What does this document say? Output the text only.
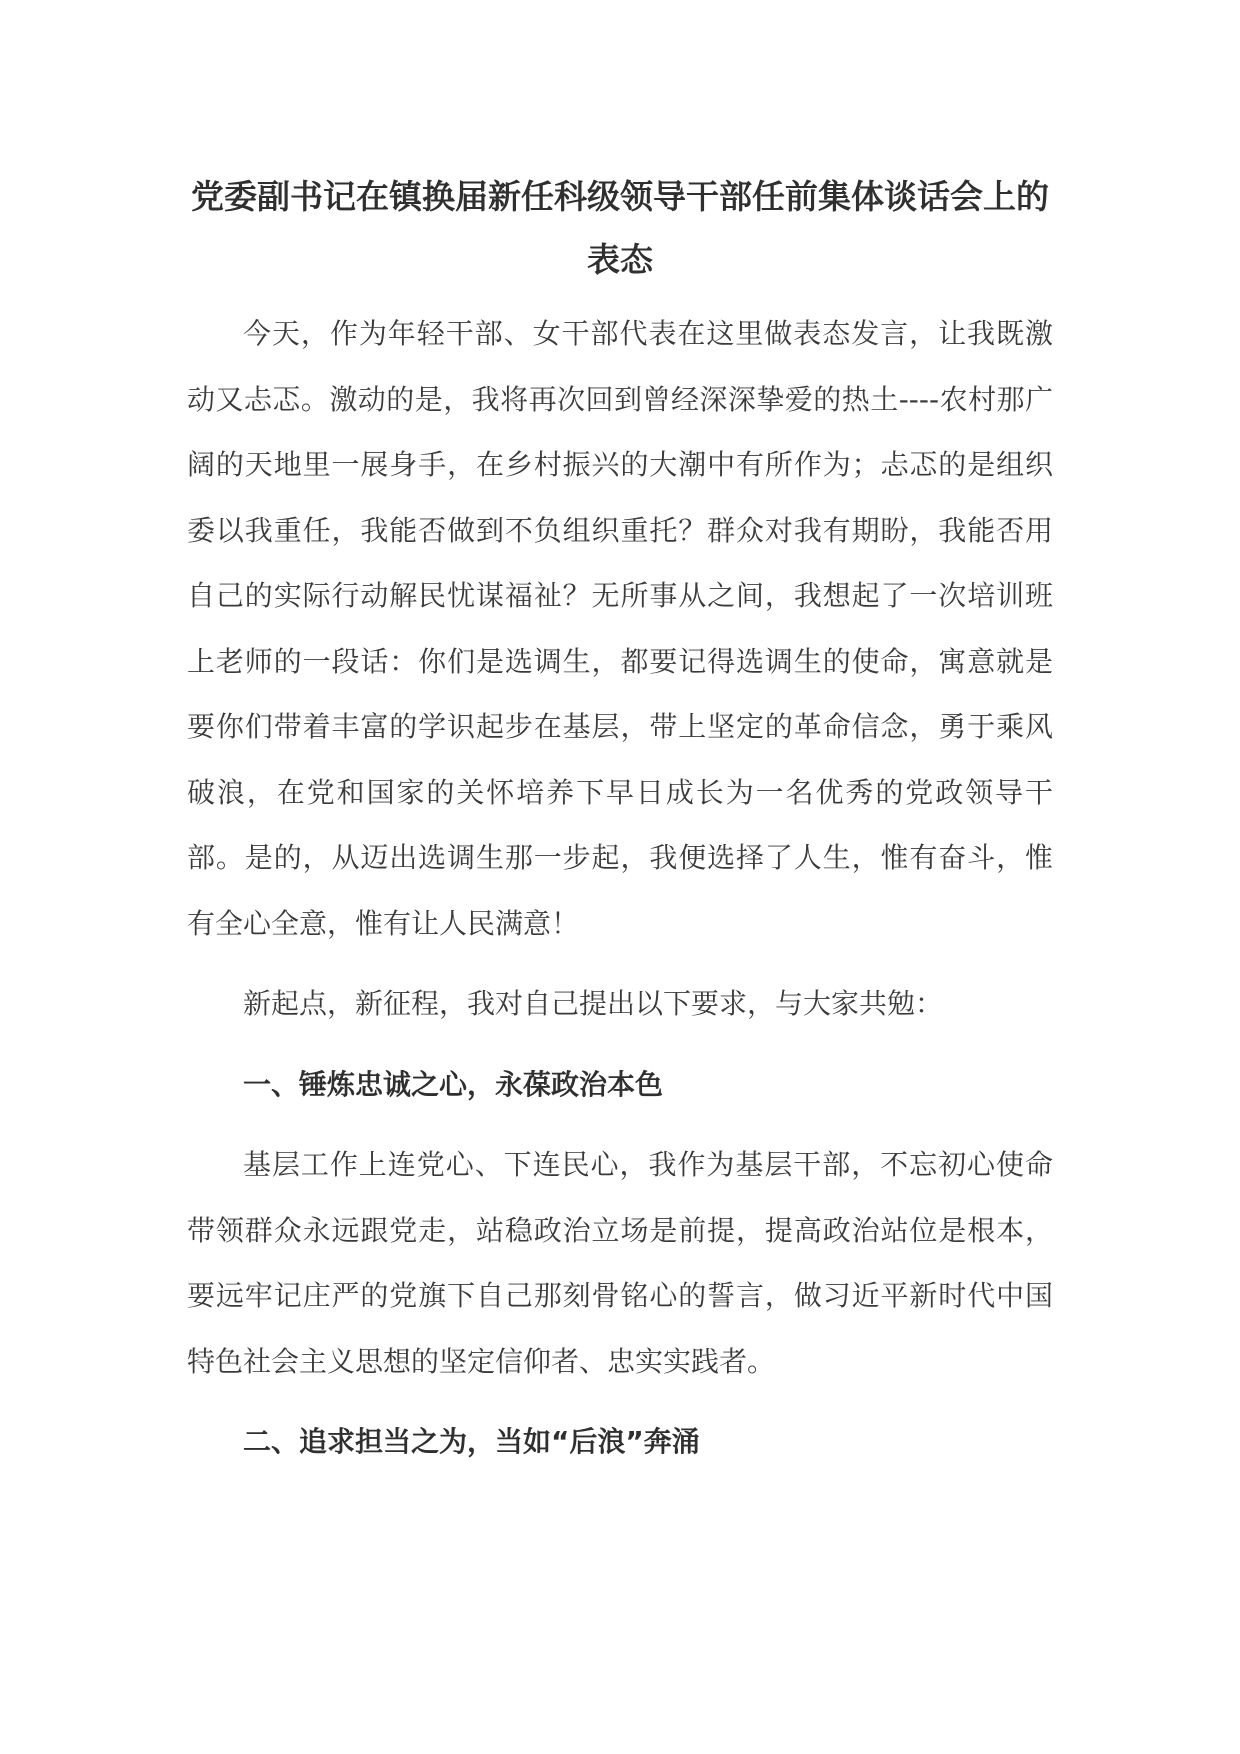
党委副书记在镇换届新任科级领导干部任前集体谈话会上的表态

今天，作为年轻干部、女干部代表在这里做表态发言，让我既激动又忐忑。激动的是，我将再次回到曾经深深挚爱的热土----农村那广阔的天地里一展身手，在乡村振兴的大潮中有所作为；忐忑的是组织委以我重任，我能否做到不负组织重托？群众对我有期盼，我能否用自己的实际行动解民忧谋福祉？无所事从之间，我想起了一次培训班上老师的一段话：你们是选调生，都要记得选调生的使命，寓意就是要你们带着丰富的学识起步在基层，带上坚定的革命信念，勇于乘风破浪，在党和国家的关怀培养下早日成长为一名优秀的党政领导干部。是的，从迈出选调生那一步起，我便选择了人生，惟有奋斗，惟有全心全意，惟有让人民满意！

新起点，新征程，我对自己提出以下要求，与大家共勉：

一、锤炼忠诚之心，永葆政治本色

基层工作上连党心、下连民心，我作为基层干部，不忘初心使命带领群众永远跟党走，站稳政治立场是前提，提高政治站位是根本，要远牢记庄严的党旗下自己那刻骨铭心的誓言，做习近平新时代中国特色社会主义思想的坚定信仰者、忠实实践者。

二、追求担当之为，当如“后浪”奔涌
